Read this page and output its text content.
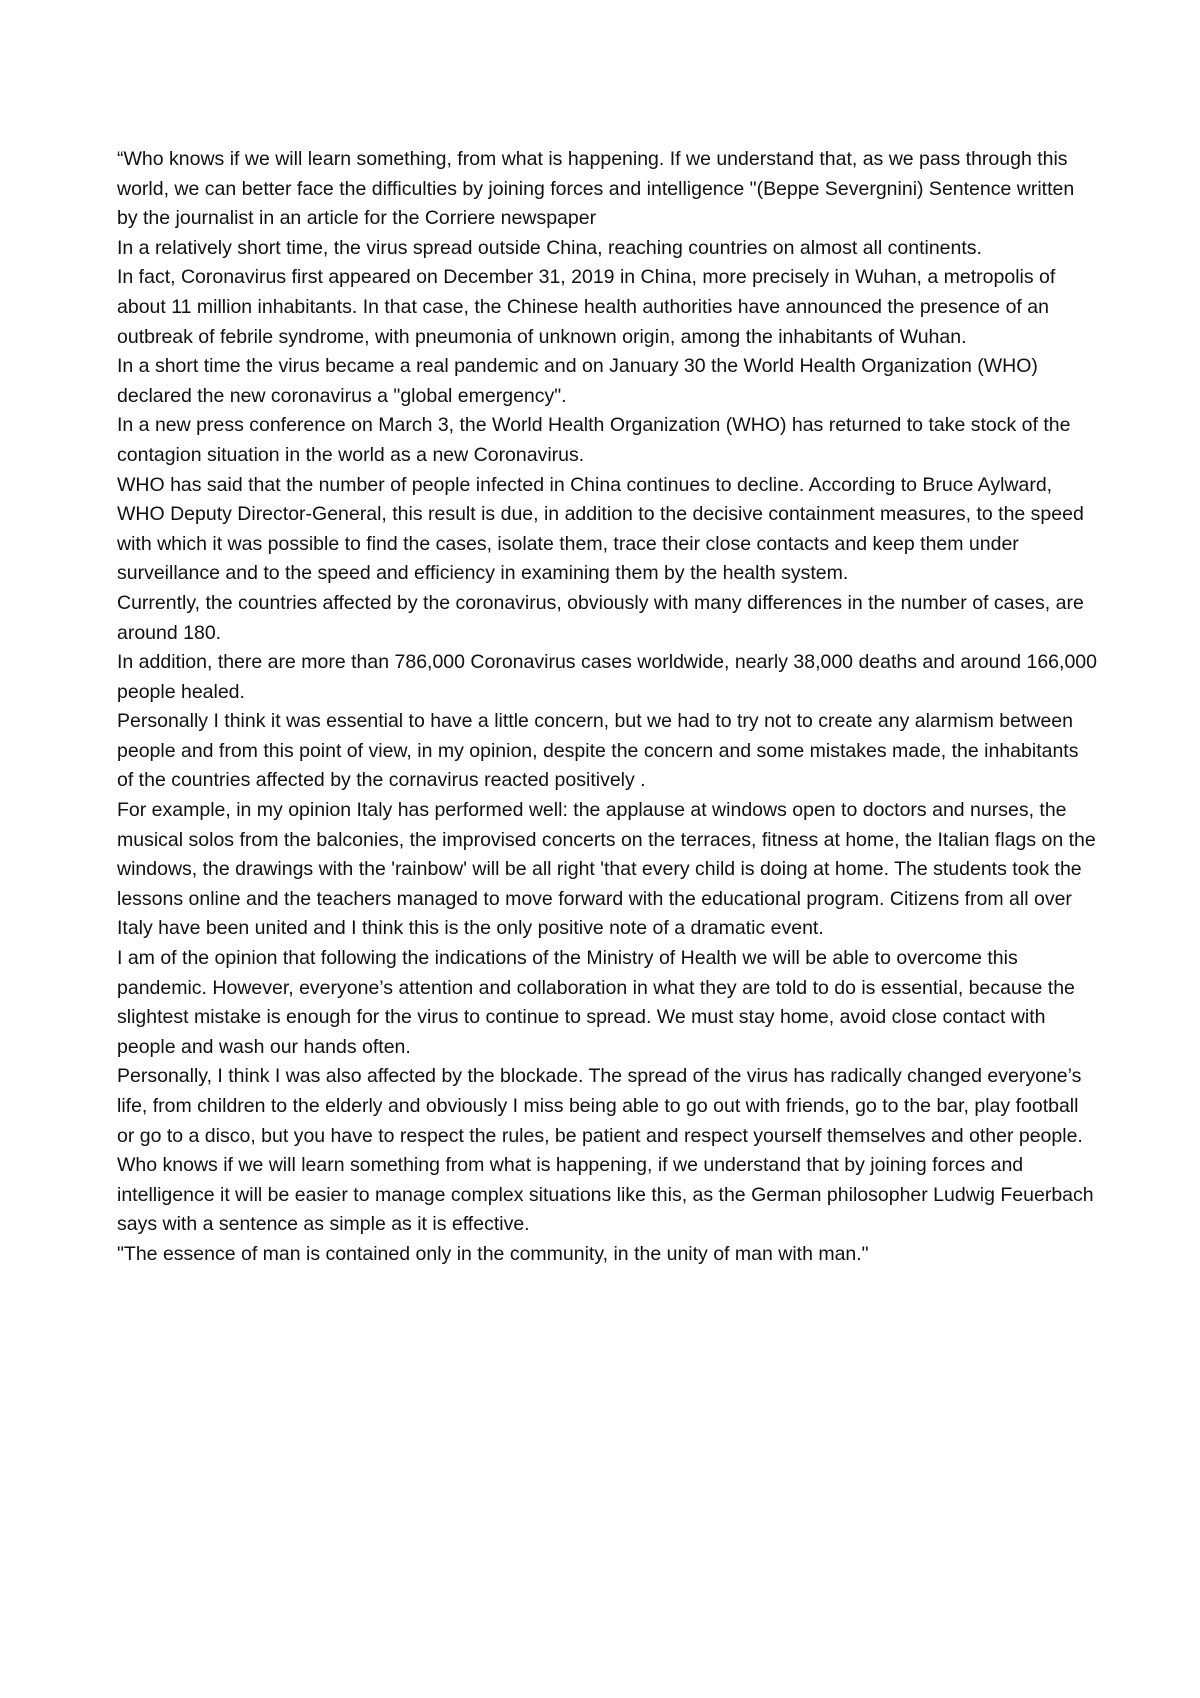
“Who knows if we will learn something, from what is happening. If we understand that, as we pass through this world, we can better face the difficulties by joining forces and intelligence "(Beppe Severgnini) Sentence written by the journalist in an article for the Corriere newspaper

In a relatively short time, the virus spread outside China, reaching countries on almost all continents.

In fact, Coronavirus first appeared on December 31, 2019 in China, more precisely in Wuhan, a metropolis of about 11 million inhabitants. In that case, the Chinese health authorities have announced the presence of an outbreak of febrile syndrome, with pneumonia of unknown origin, among the inhabitants of Wuhan.

In a short time the virus became a real pandemic and on January 30 the World Health Organization (WHO) declared the new coronavirus a "global emergency".

In a new press conference on March 3, the World Health Organization (WHO) has returned to take stock of the contagion situation in the world as a new Coronavirus.

WHO has said that the number of people infected in China continues to decline. According to Bruce Aylward, WHO Deputy Director-General, this result is due, in addition to the decisive containment measures, to the speed with which it was possible to find the cases, isolate them, trace their close contacts and keep them under surveillance and to the speed and efficiency in examining them by the health system.

Currently, the countries affected by the coronavirus, obviously with many differences in the number of cases, are around 180.

In addition, there are more than 786,000 Coronavirus cases worldwide, nearly 38,000 deaths and around 166,000 people healed.

Personally I think it was essential to have a little concern, but we had to try not to create any alarmism between people and from this point of view, in my opinion, despite the concern and some mistakes made, the inhabitants of the countries affected by the cornavirus reacted positively .

For example, in my opinion Italy has performed well: the applause at windows open to doctors and nurses, the musical solos from the balconies, the improvised concerts on the terraces, fitness at home, the Italian flags on the windows, the drawings with the 'rainbow' will be all right 'that every child is doing at home. The students took the lessons online and the teachers managed to move forward with the educational program. Citizens from all over Italy have been united and I think this is the only positive note of a dramatic event.

I am of the opinion that following the indications of the Ministry of Health we will be able to overcome this pandemic. However, everyone’s attention and collaboration in what they are told to do is essential, because the slightest mistake is enough for the virus to continue to spread. We must stay home, avoid close contact with people and wash our hands often.

Personally, I think I was also affected by the blockade. The spread of the virus has radically changed everyone’s life, from children to the elderly and obviously I miss being able to go out with friends, go to the bar, play football or go to a disco, but you have to respect the rules, be patient and respect yourself themselves and other people.

Who knows if we will learn something from what is happening, if we understand that by joining forces and intelligence it will be easier to manage complex situations like this, as the German philosopher Ludwig Feuerbach says with a sentence as simple as it is effective.

"The essence of man is contained only in the community, in the unity of man with man."
